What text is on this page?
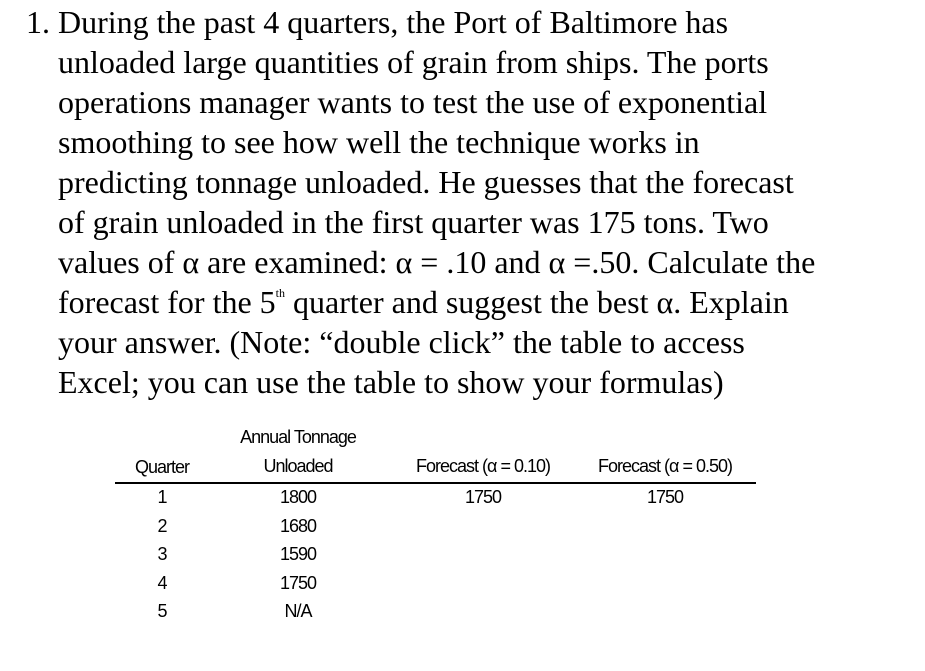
1. During the past 4 quarters, the Port of Baltimore has
unloaded large quantities of grain from ships. The ports
operations manager wants to test the use of exponential
smoothing to see how well the technique works in
predicting tonnage unloaded. He guesses that the forecast
of grain unloaded in the first quarter was 175 tons. Two
values of α are examined: α = .10 and α =.50. Calculate the
forecast for the 5th quarter and suggest the best α. Explain
your answer. (Note: “double click” the table to access
Excel; you can use the table to show your formulas)
Annual Tonnage
Quarter	Unloaded	Forecast (α = 0.10)	Forecast (α = 0.50)
1	1800	1750	1750
2	1680
3	1590
4	1750
5	N/A
